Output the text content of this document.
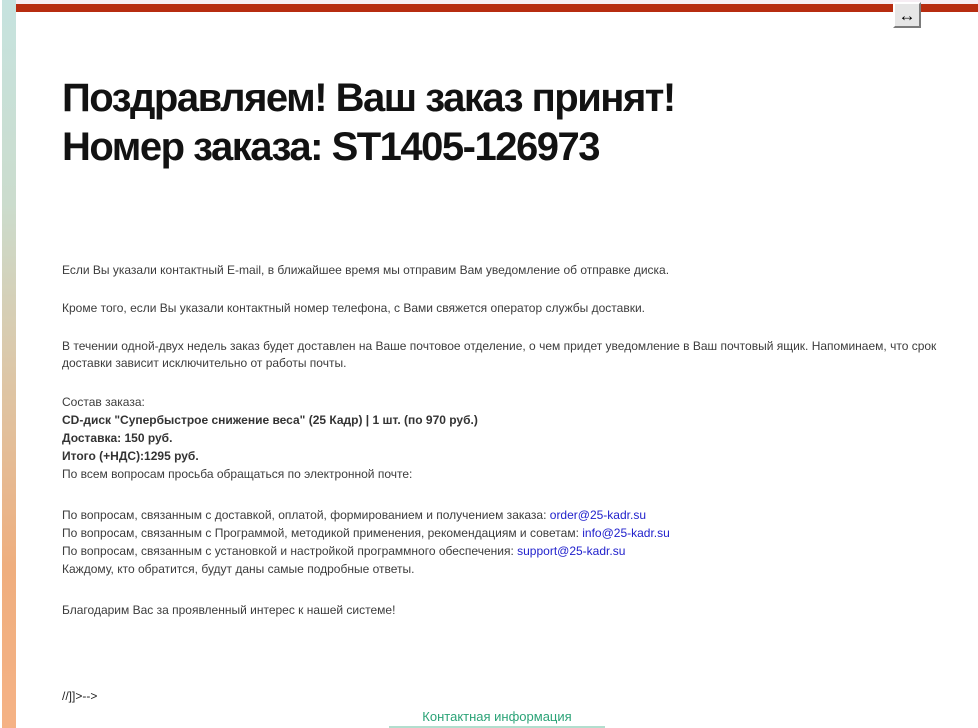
↔
Поздравляем! Ваш заказ принят!
Номер заказа: ST1405-126973

Если Вы указали контактный E-mail, в ближайшее время мы отправим Вам уведомление об отправке диска.

Кроме того, если Вы указали контактный номер телефона, с Вами свяжется оператор службы доставки.

В течении одной-двух недель заказ будет доставлен на Ваше почтовое отделение, о чем придет уведомление в Ваш почтовый ящик. Напоминаем, что срок доставки зависит исключительно от работы почты.

Состав заказа:
CD-диск "Супербыстрое снижение веса" (25 Кадр) | 1 шт. (по 970 руб.)
Доставка: 150 руб.
Итого (+НДС):1295 руб.
По всем вопросам просьба обращаться по электронной почте:
По вопросам, связанным с доставкой, оплатой, формированием и получением заказа: order@25-kadr.su
По вопросам, связанным с Программой, методикой применения, рекомендациям и советам: info@25-kadr.su
По вопросам, связанным с установкой и настройкой программного обеспечения: support@25-kadr.su
Каждому, кто обратится, будут даны самые подробные ответы.

Благодарим Вас за проявленный интерес к нашей системе!

//]]>-->
Контактная информация
